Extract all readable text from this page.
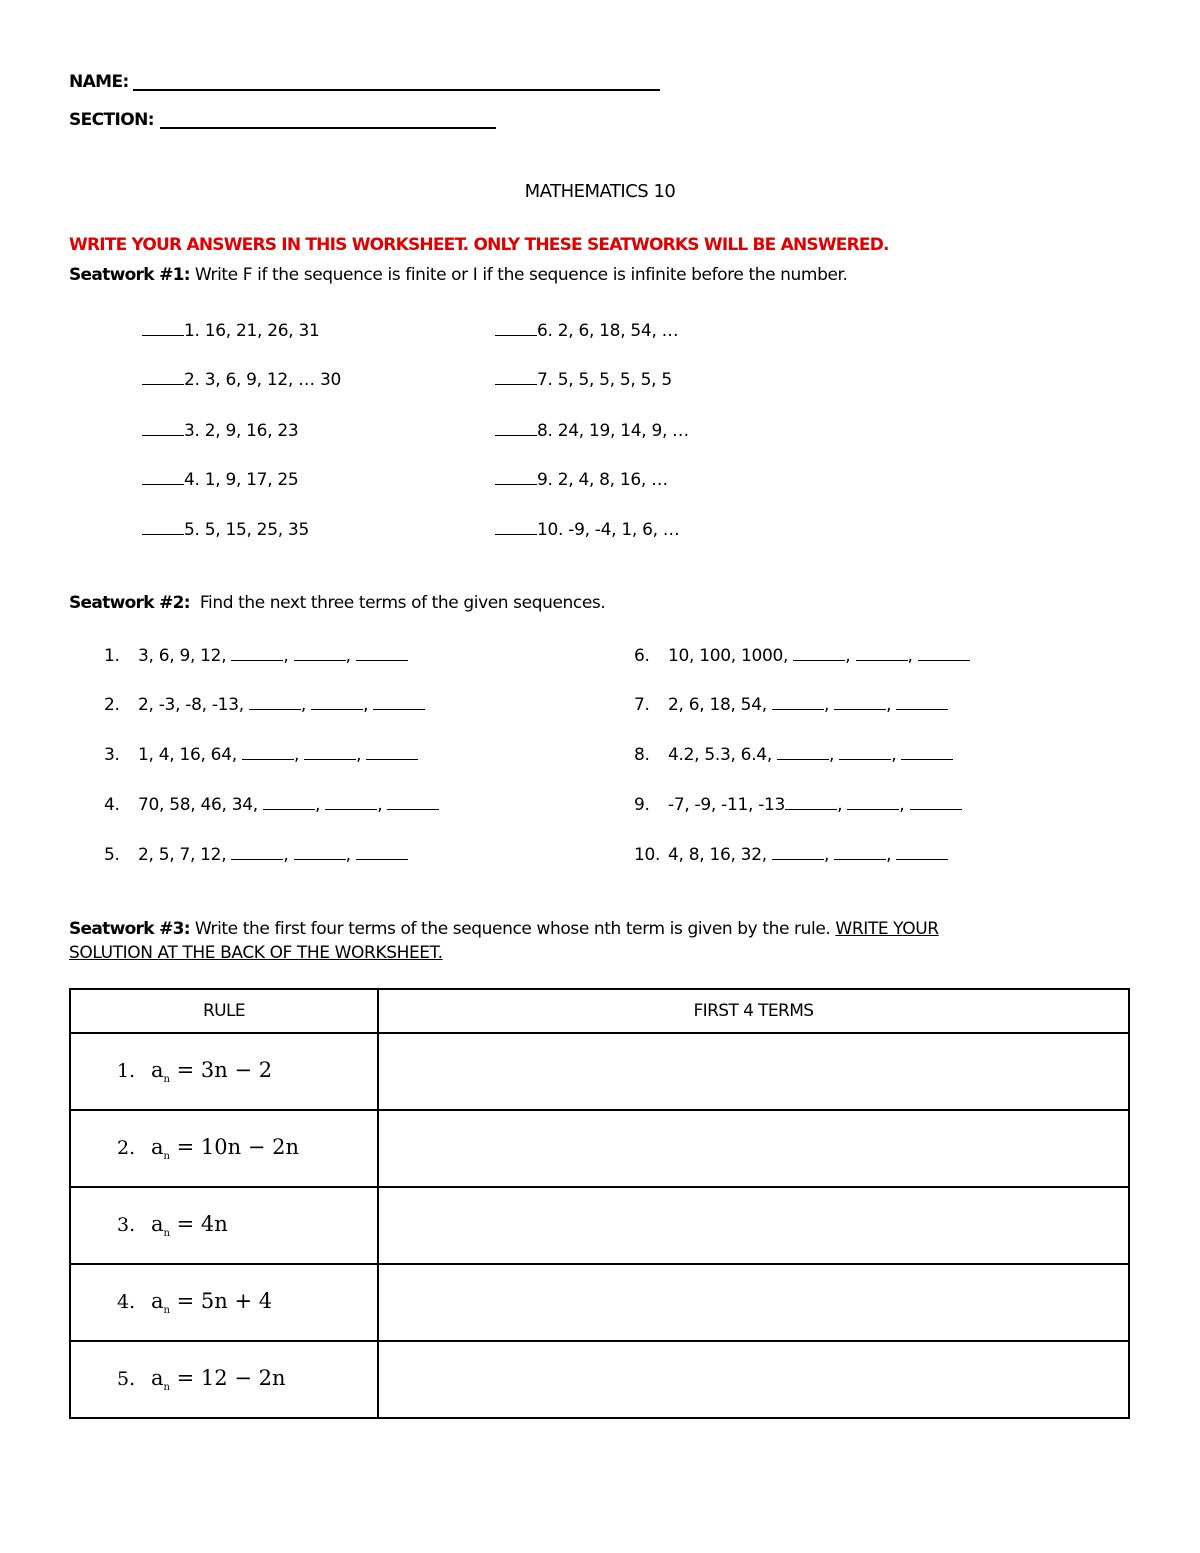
NAME:
SECTION:
MATHEMATICS 10
WRITE YOUR ANSWERS IN THIS WORKSHEET. ONLY THESE SEATWORKS WILL BE ANSWERED.
Seatwork #1: Write F if the sequence is finite or I if the sequence is infinite before the number.
1. 16, 21, 26, 31
2. 3, 6, 9, 12, … 30
3. 2, 9, 16, 23
4. 1, 9, 17, 25
5. 5, 15, 25, 35
6. 2, 6, 18, 54, …
7. 5, 5, 5, 5, 5, 5
8. 24, 19, 14, 9, …
9. 2, 4, 8, 16, …
10. -9, -4, 1, 6, …
Seatwork #2: Find the next three terms of the given sequences.
1. 3, 6, 9, 12,	,	,
2. 2, -3, -8, -13,	,	,
3. 1, 4, 16, 64,	,	,
4. 70, 58, 46, 34,	,	,
5. 2, 5, 7, 12,	,	,
6. 10, 100, 1000,	,	,
7. 2, 6, 18, 54,	,	,
8. 4.2, 5.3, 6.4,	,	,
9. -7, -9, -11, -13	,	,
10. 4, 8, 16, 32,	,	,
Seatwork #3: Write the first four terms of the sequence whose nth term is given by the rule. WRITE YOUR
SOLUTION AT THE BACK OF THE WORKSHEET.
RULE	FIRST 4 TERMS
1. $a_n = 3n - 2$	
2. $a_n = 10n - 2n$	
3. $a_n = 4n$	
4. $a_n = 5n + 4$	
5. $a_n = 12 - 2n$	
